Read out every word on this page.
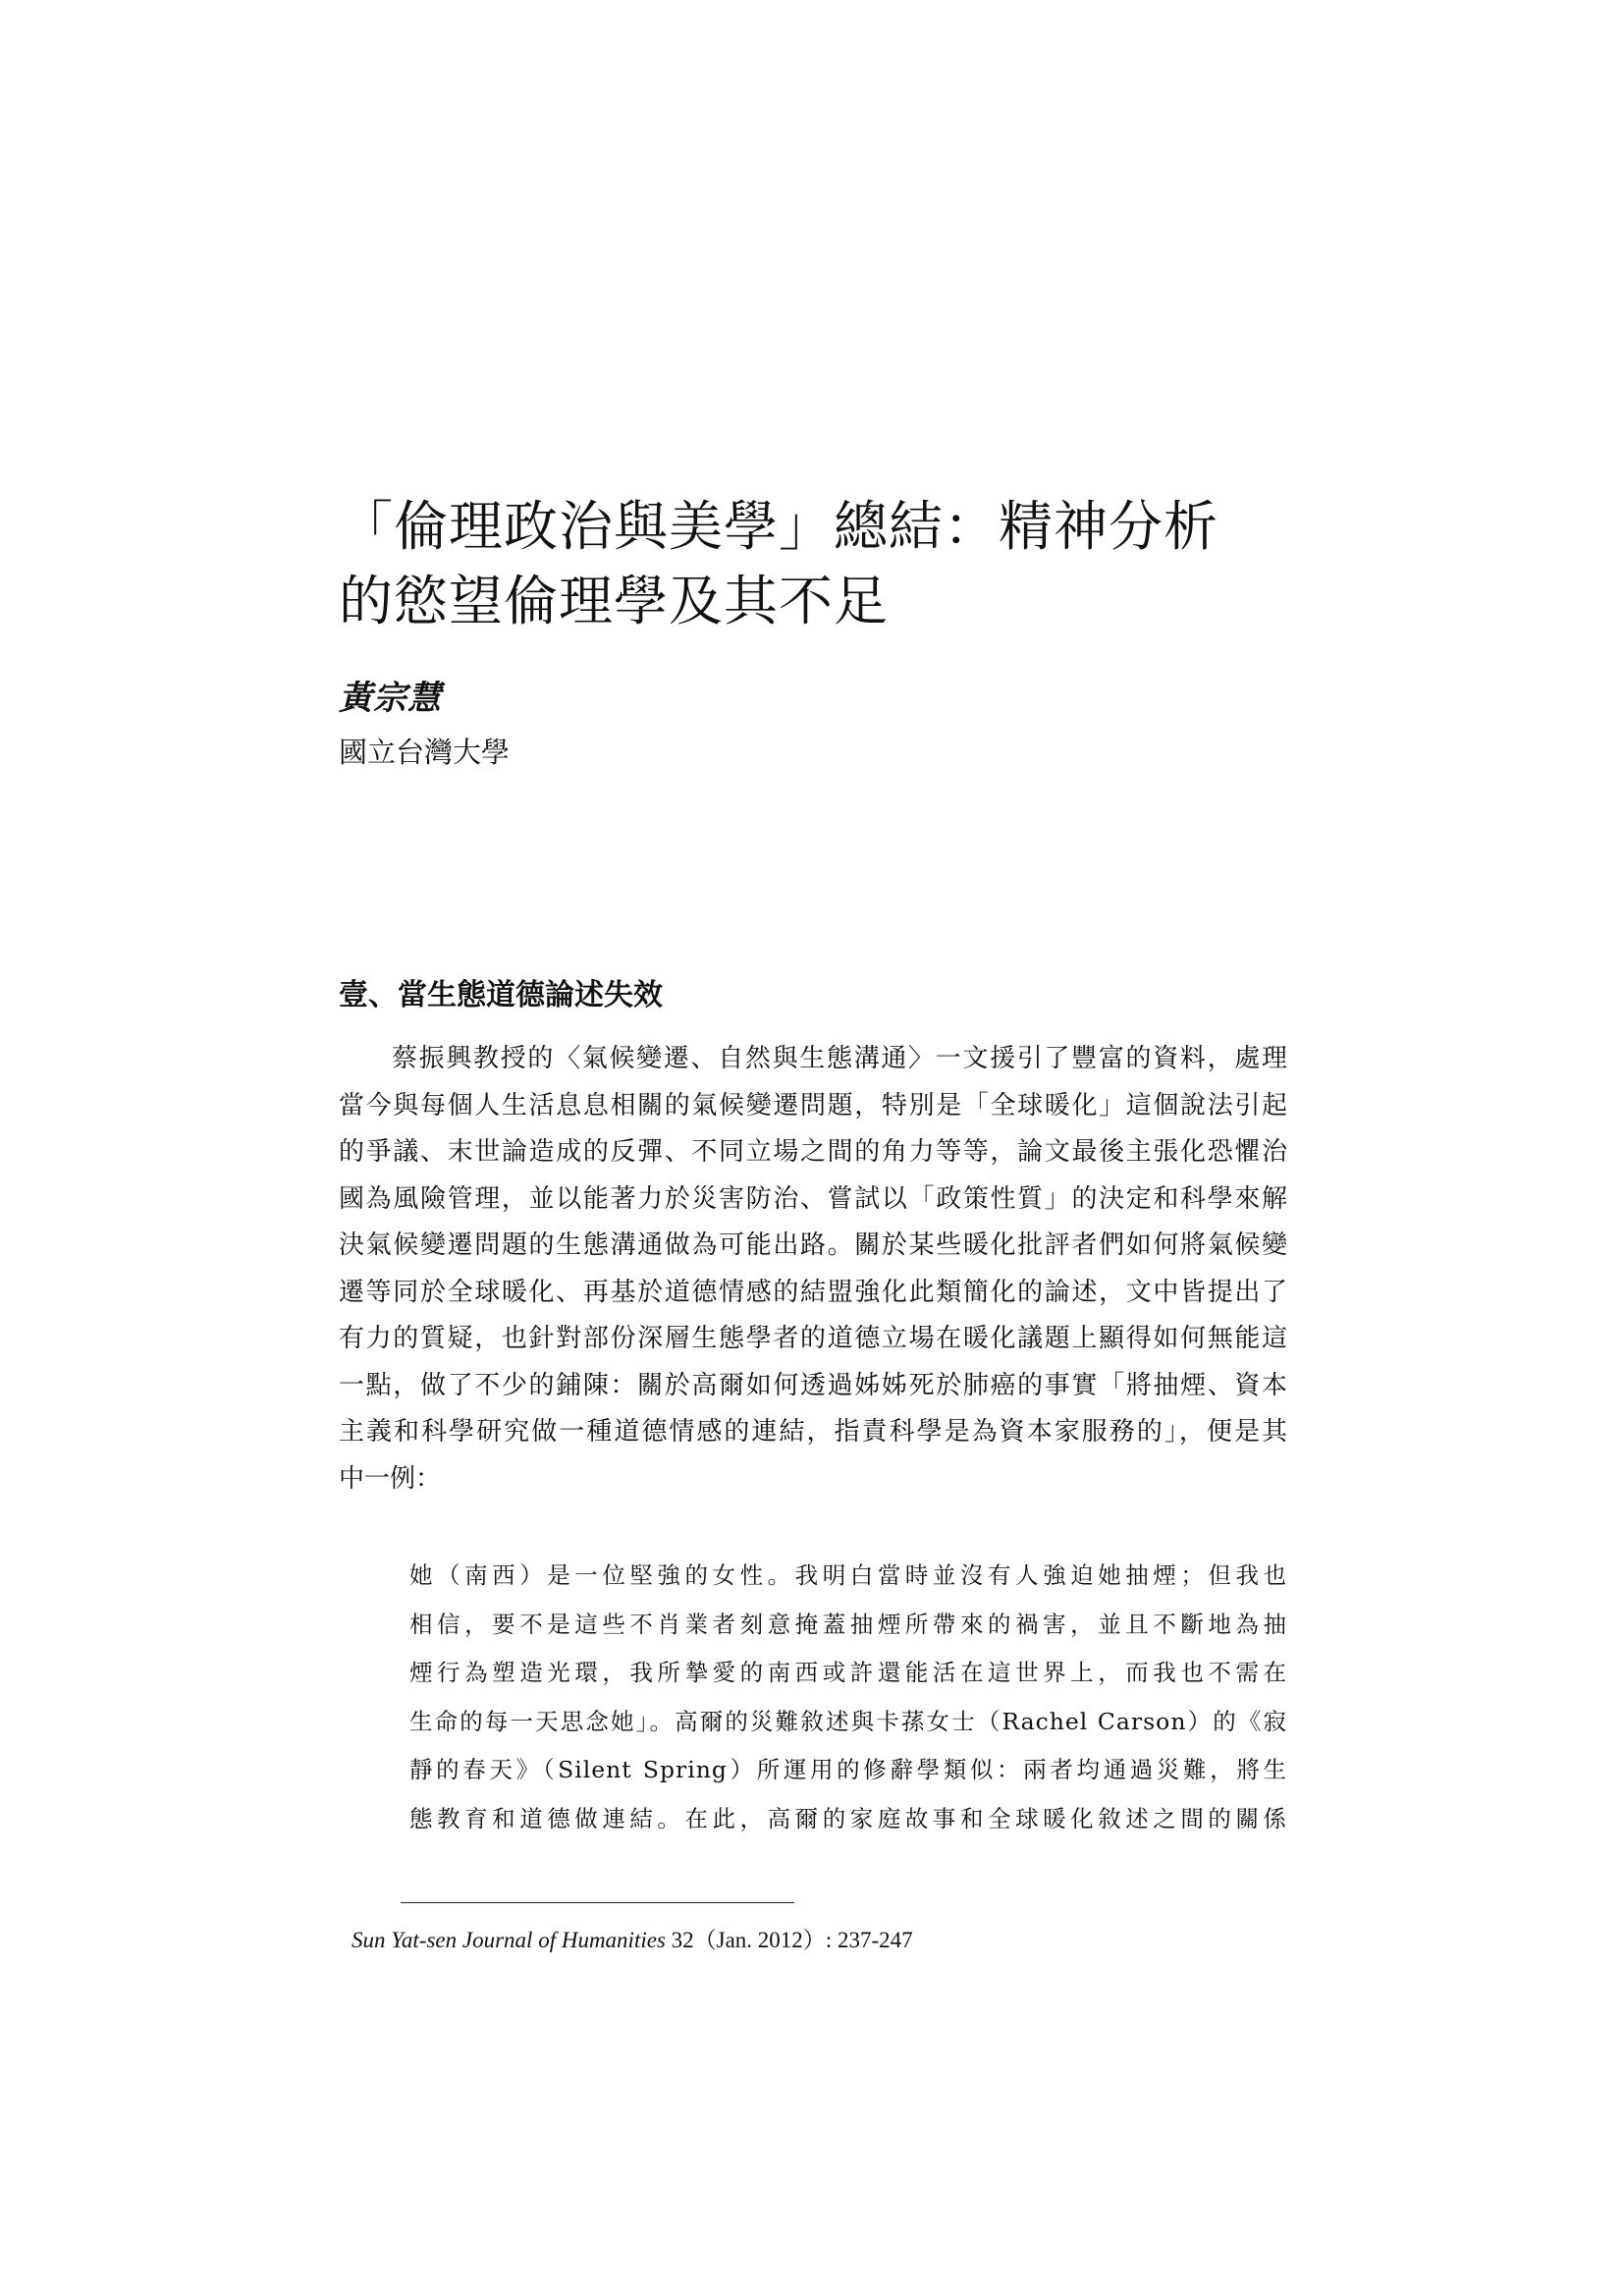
「倫理政治與美學」總結：精神分析
的慾望倫理學及其不足
黃宗慧
國立台灣大學
壹、當生態道德論述失效
蔡振興教授的〈氣候變遷、自然與生態溝通〉一文援引了豐富的資料，處理
當今與每個人生活息息相關的氣候變遷問題，特別是「全球暖化」這個說法引起
的爭議、末世論造成的反彈、不同立場之間的角力等等，論文最後主張化恐懼治
國為風險管理，並以能著力於災害防治、嘗試以「政策性質」的決定和科學來解
決氣候變遷問題的生態溝通做為可能出路。關於某些暖化批評者們如何將氣候變
遷等同於全球暖化、再基於道德情感的結盟強化此類簡化的論述，文中皆提出了
有力的質疑，也針對部份深層生態學者的道德立場在暖化議題上顯得如何無能這
一點，做了不少的鋪陳：關於高爾如何透過姊姊死於肺癌的事實「將抽煙、資本
主義和科學研究做一種道德情感的連結，指責科學是為資本家服務的」，便是其
中一例：
她（南西）是一位堅強的女性。我明白當時並沒有人強迫她抽煙；但我也
相信，要不是這些不肖業者刻意掩蓋抽煙所帶來的禍害，並且不斷地為抽
煙行為塑造光環，我所摯愛的南西或許還能活在這世界上，而我也不需在
生命的每一天思念她」。高爾的災難敘述與卡蓀女士（Rachel Carson）的《寂
靜的春天》（Silent Spring）所運用的修辭學類似：兩者均通過災難，將生
態教育和道德做連結。在此，高爾的家庭故事和全球暖化敘述之間的關係
Sun Yat-sen Journal of Humanities 32（Jan. 2012）: 237-247
